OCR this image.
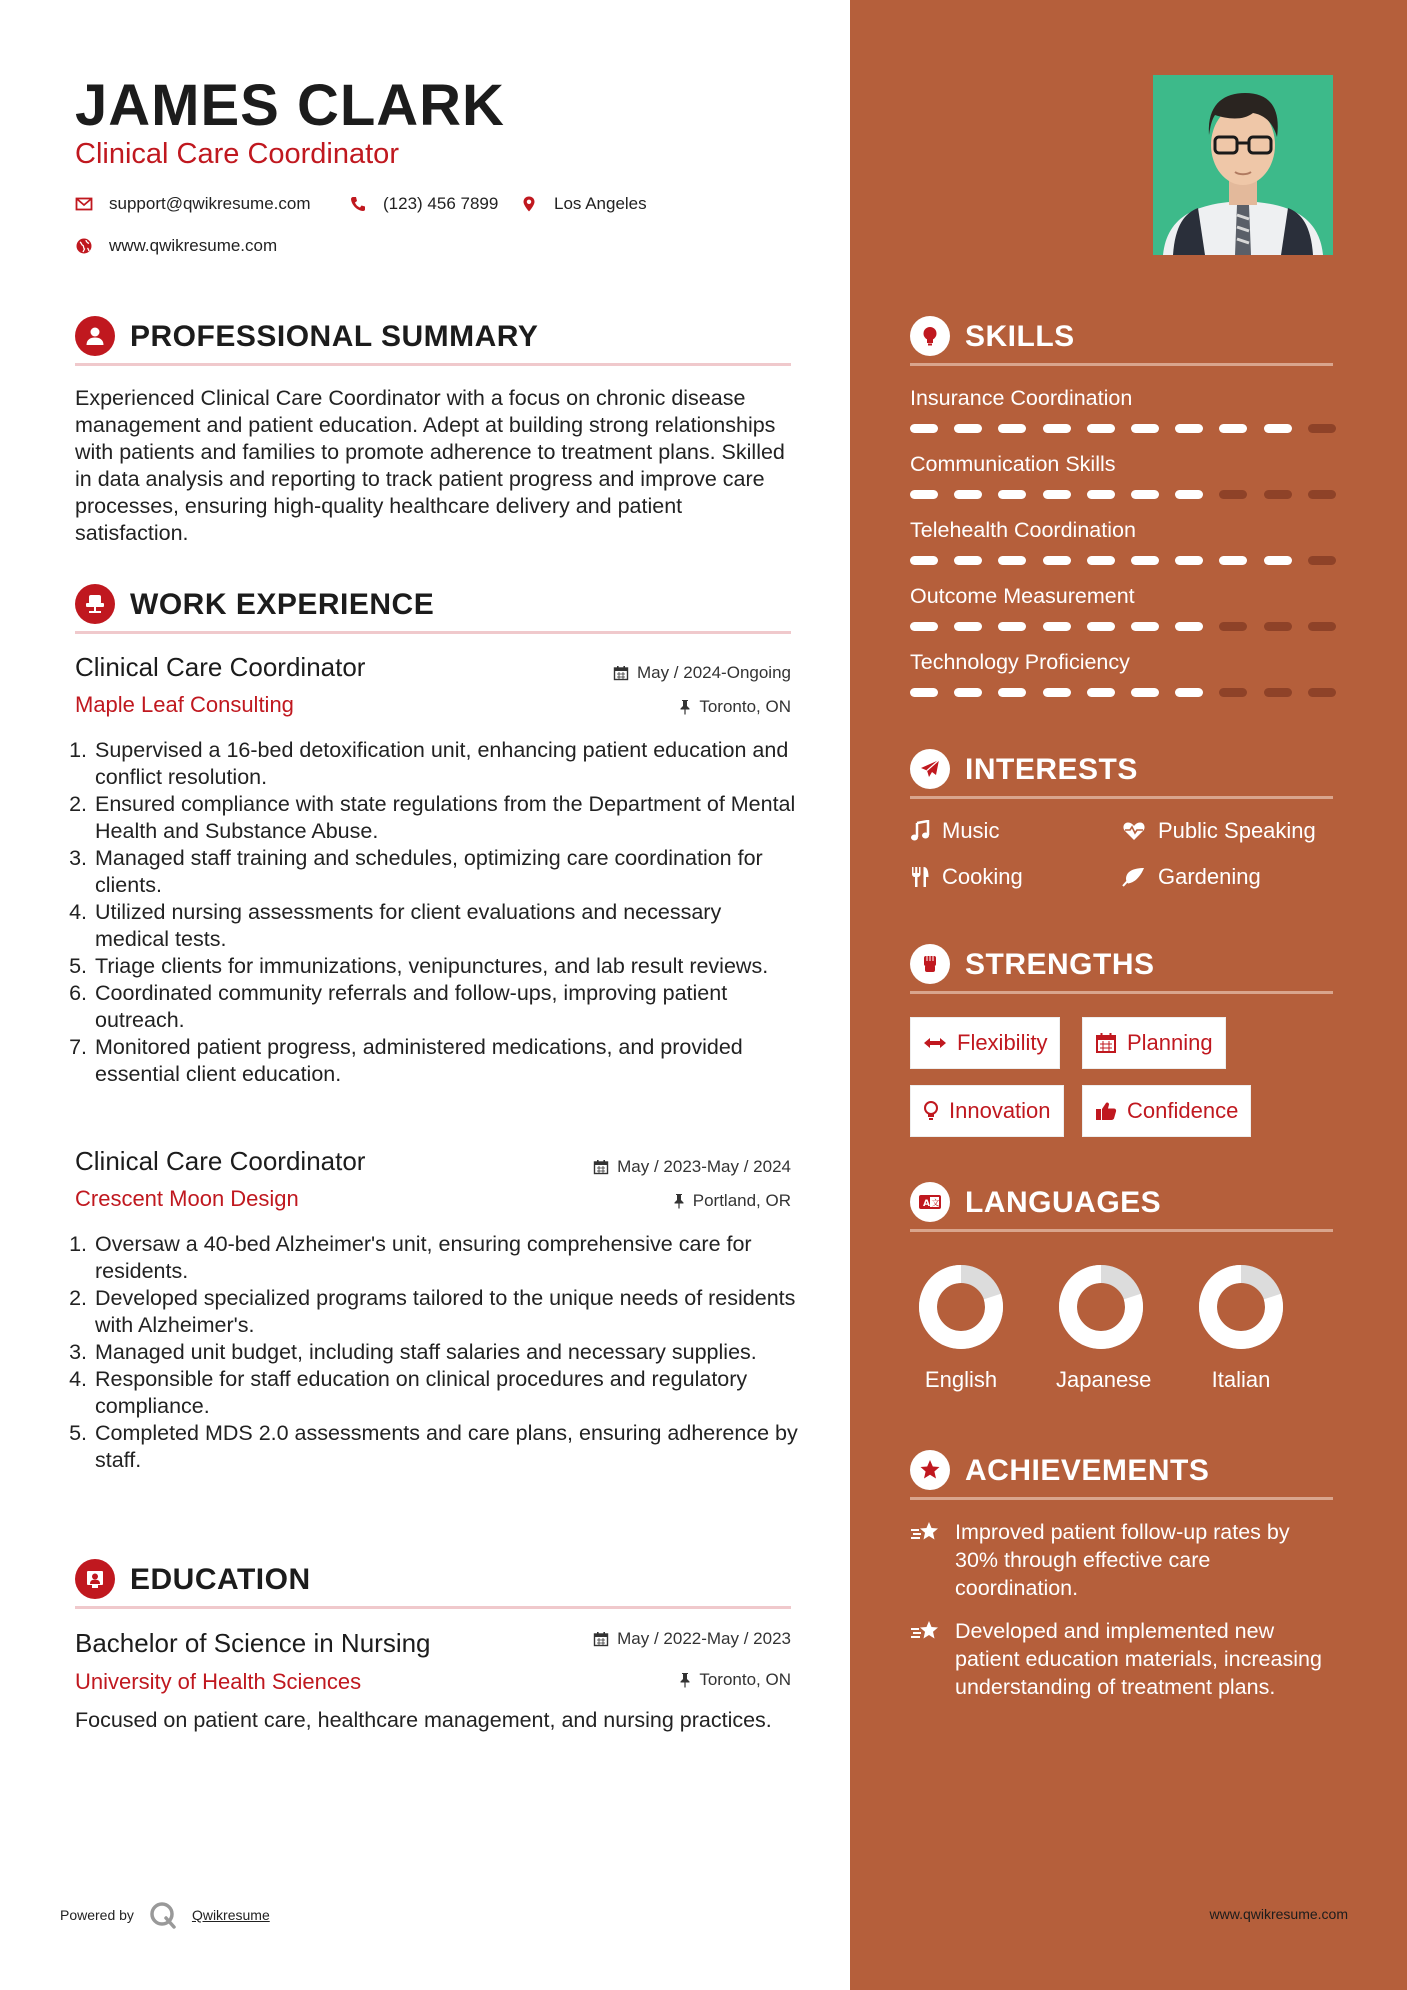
JAMES CLARK
Clinical Care Coordinator
support@qwikresume.com	(123) 456 7899	Los Angeles
www.qwikresume.com
PROFESSIONAL SUMMARY
Experienced Clinical Care Coordinator with a focus on chronic disease management and patient education. Adept at building strong relationships with patients and families to promote adherence to treatment plans. Skilled in data analysis and reporting to track patient progress and improve care processes, ensuring high-quality healthcare delivery and patient satisfaction.
WORK EXPERIENCE
Clinical Care Coordinator	May / 2024-Ongoing
Maple Leaf Consulting	Toronto, ON
1. Supervised a 16-bed detoxification unit, enhancing patient education and conflict resolution.
2. Ensured compliance with state regulations from the Department of Mental Health and Substance Abuse.
3. Managed staff training and schedules, optimizing care coordination for clients.
4. Utilized nursing assessments for client evaluations and necessary medical tests.
5. Triage clients for immunizations, venipunctures, and lab result reviews.
6. Coordinated community referrals and follow-ups, improving patient outreach.
7. Monitored patient progress, administered medications, and provided essential client education.
Clinical Care Coordinator	May / 2023-May / 2024
Crescent Moon Design	Portland, OR
1. Oversaw a 40-bed Alzheimer's unit, ensuring comprehensive care for residents.
2. Developed specialized programs tailored to the unique needs of residents with Alzheimer's.
3. Managed unit budget, including staff salaries and necessary supplies.
4. Responsible for staff education on clinical procedures and regulatory compliance.
5. Completed MDS 2.0 assessments and care plans, ensuring adherence by staff.
EDUCATION
Bachelor of Science in Nursing	May / 2022-May / 2023
University of Health Sciences	Toronto, ON
Focused on patient care, healthcare management, and nursing practices.
Powered by	Qwikresume
SKILLS
Insurance Coordination
Communication Skills
Telehealth Coordination
Outcome Measurement
Technology Proficiency
INTERESTS
Music	Public Speaking
Cooking	Gardening
STRENGTHS
Flexibility	Planning
Innovation	Confidence
A 文 LANGUAGES
English	Japanese	Italian
ACHIEVEMENTS
Improved patient follow-up rates by 30% through effective care coordination.
Developed and implemented new patient education materials, increasing understanding of treatment plans.
www.qwikresume.com
